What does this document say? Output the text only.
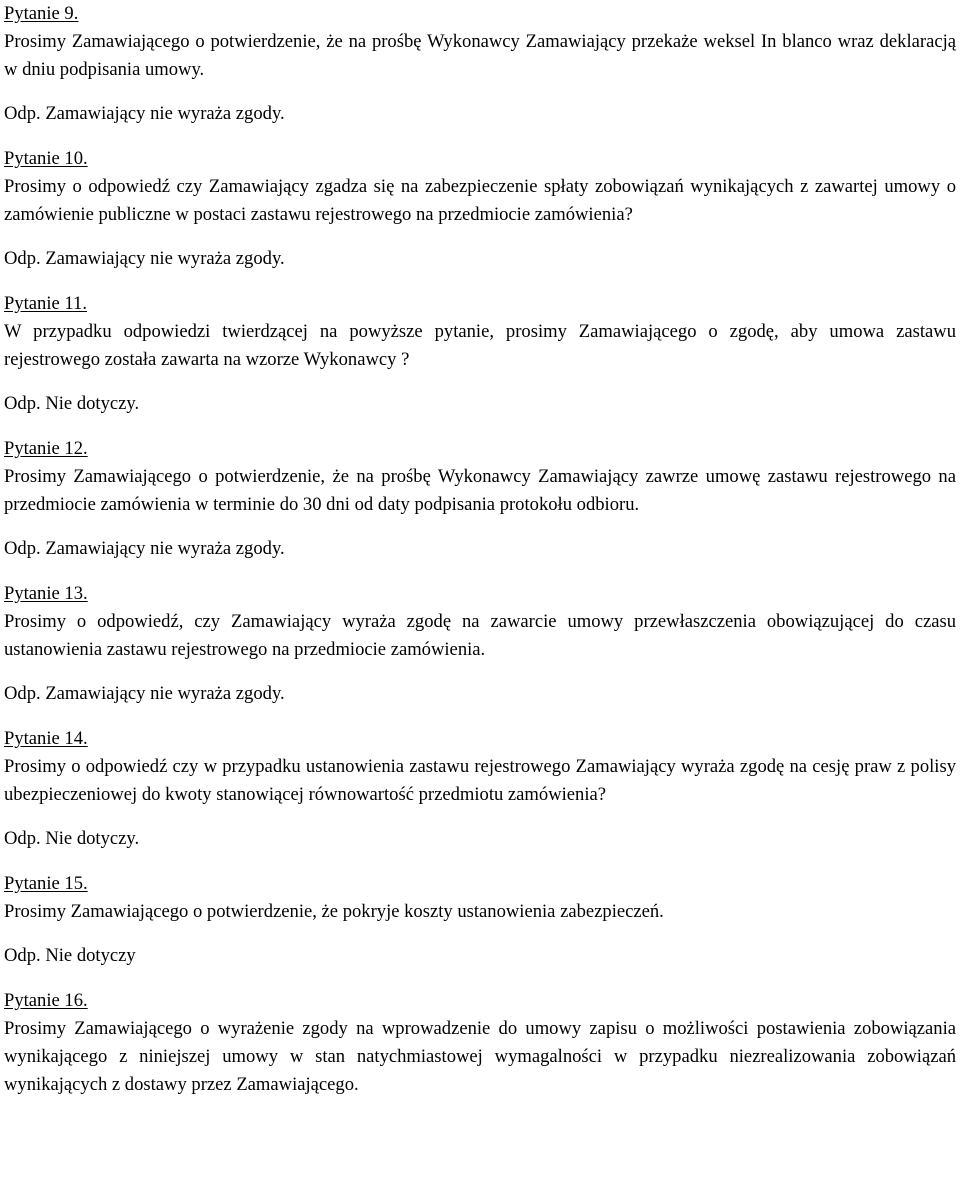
Pytanie 9.

Prosimy Zamawiającego o potwierdzenie, że na prośbę Wykonawcy Zamawiający przekaże weksel In blanco wraz deklaracją w dniu podpisania umowy.

Odp. Zamawiający nie wyraża zgody.

Pytanie 10.

Prosimy o odpowiedź czy Zamawiający zgadza się na zabezpieczenie spłaty zobowiązań wynikających z zawartej umowy o zamówienie publiczne w postaci zastawu rejestrowego na przedmiocie zamówienia?

Odp. Zamawiający nie wyraża zgody.

Pytanie 11.

W przypadku odpowiedzi twierdzącej na powyższe pytanie, prosimy Zamawiającego o zgodę, aby umowa zastawu rejestrowego została zawarta na wzorze Wykonawcy ?

Odp. Nie dotyczy.

Pytanie 12.

Prosimy Zamawiającego o potwierdzenie, że na prośbę Wykonawcy Zamawiający zawrze umowę zastawu rejestrowego na przedmiocie zamówienia w terminie do 30 dni od daty podpisania protokołu odbioru.

Odp. Zamawiający nie wyraża zgody.

Pytanie 13.

Prosimy o odpowiedź, czy Zamawiający wyraża zgodę na zawarcie umowy przewłaszczenia obowiązującej do czasu ustanowienia zastawu rejestrowego na przedmiocie zamówienia.

Odp. Zamawiający nie wyraża zgody.

Pytanie 14.

Prosimy o odpowiedź czy w przypadku ustanowienia zastawu rejestrowego Zamawiający wyraża zgodę na cesję praw z polisy ubezpieczeniowej do kwoty stanowiącej równowartość przedmiotu zamówienia?

Odp. Nie dotyczy.

Pytanie 15.

Prosimy Zamawiającego o potwierdzenie, że pokryje koszty ustanowienia zabezpieczeń.

Odp. Nie dotyczy

Pytanie 16.

Prosimy Zamawiającego o wyrażenie zgody na wprowadzenie do umowy zapisu o możliwości postawienia zobowiązania wynikającego z niniejszej umowy w stan natychmiastowej wymagalności w przypadku niezrealizowania zobowiązań wynikających z dostawy przez Zamawiającego.
